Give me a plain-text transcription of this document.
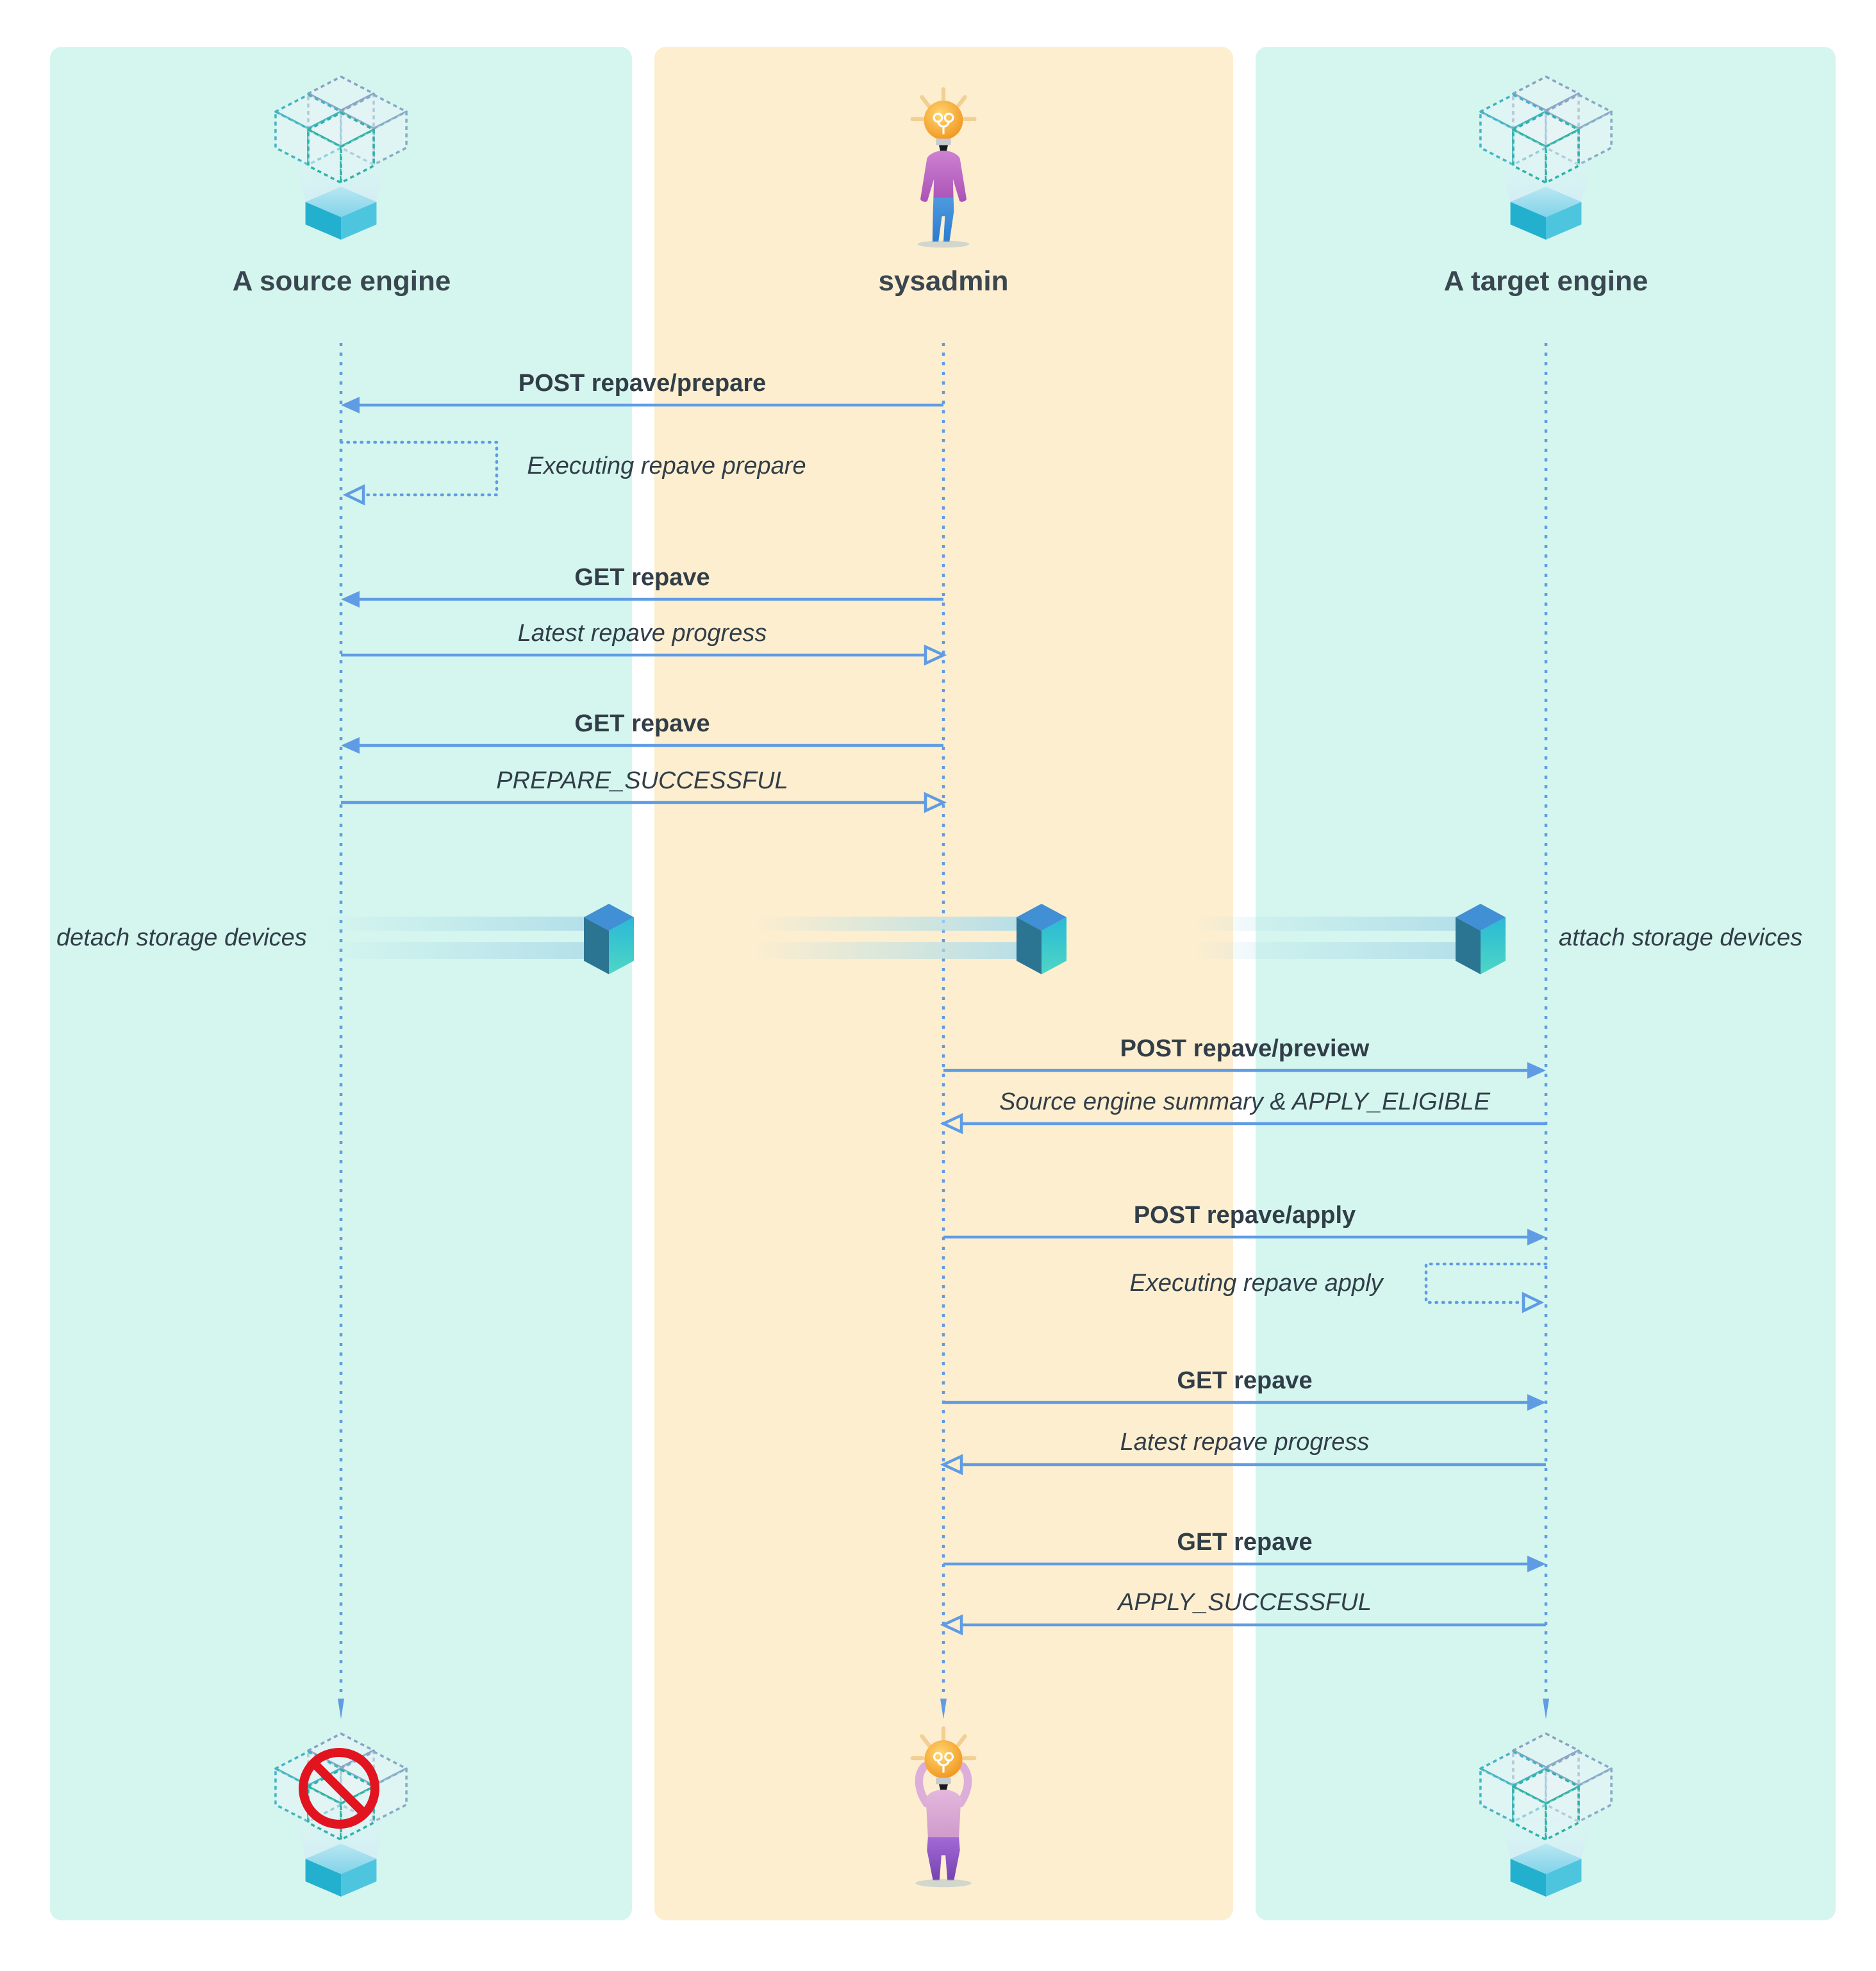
A source engine	sysadmin	A target engine
POST repave/prepare
Executing repave prepare
GET repave
Latest repave progress
GET repave
PREPARE_SUCCESSFUL
detach storage devices	attach storage devices
POST repave/preview
Source engine summary & APPLY_ELIGIBLE
POST repave/apply
Executing repave apply
GET repave
Latest repave progress
GET repave
APPLY_SUCCESSFUL
